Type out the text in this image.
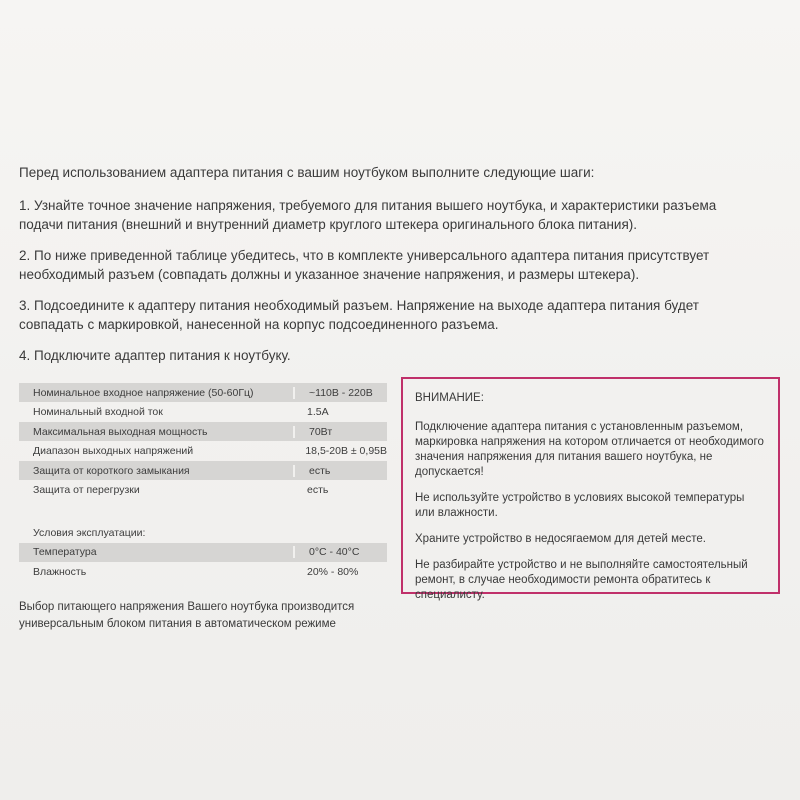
Перед использованием адаптера питания с вашим ноутбуком выполните следующие шаги:

1. Узнайте точное значение напряжения, требуемого для питания вышего ноутбука, и характеристики разъема подачи питания (внешний и внутренний диаметр круглого штекера оригинального блока питания).

2. По ниже приведенной таблице убедитесь, что в комплекте универсального адаптера питания присутствует необходимый разъем (совпадать должны и указанное значение напряжения, и размеры штекера).

3. Подсоедините к адаптеру питания необходимый разъем. Напряжение на выходе адаптера питания будет совпадать с маркировкой, нанесенной на корпус подсоединенного разъема.

4. Подключите адаптер питания к ноутбуку.

Номинальное входное напряжение (50-60Гц)	~110В - 220В
Номинальный входной ток	1.5А
Максимальная выходная мощность	70Вт
Диапазон выходных напряжений	18,5-20В ± 0,95В
Защита от короткого замыкания	есть
Защита от перегрузки	есть
Условия эксплуатации:
Температура	0°С - 40°С
Влажность	20% - 80%
Выбор питающего напряжения Вашего ноутбука производится универсальным блоком питания в автоматическом режиме

ВНИМАНИЕ:

Подключение адаптера питания с установленным разъемом, маркировка напряжения на котором отличается от необходимого значения напряжения для питания вашего ноутбука, не допускается!

Не используйте устройство в условиях высокой температуры или влажности.

Храните устройство в недосягаемом для детей месте.

Не разбирайте устройство и не выполняйте самостоятельный ремонт, в случае необходимости ремонта обратитесь к специалисту.
